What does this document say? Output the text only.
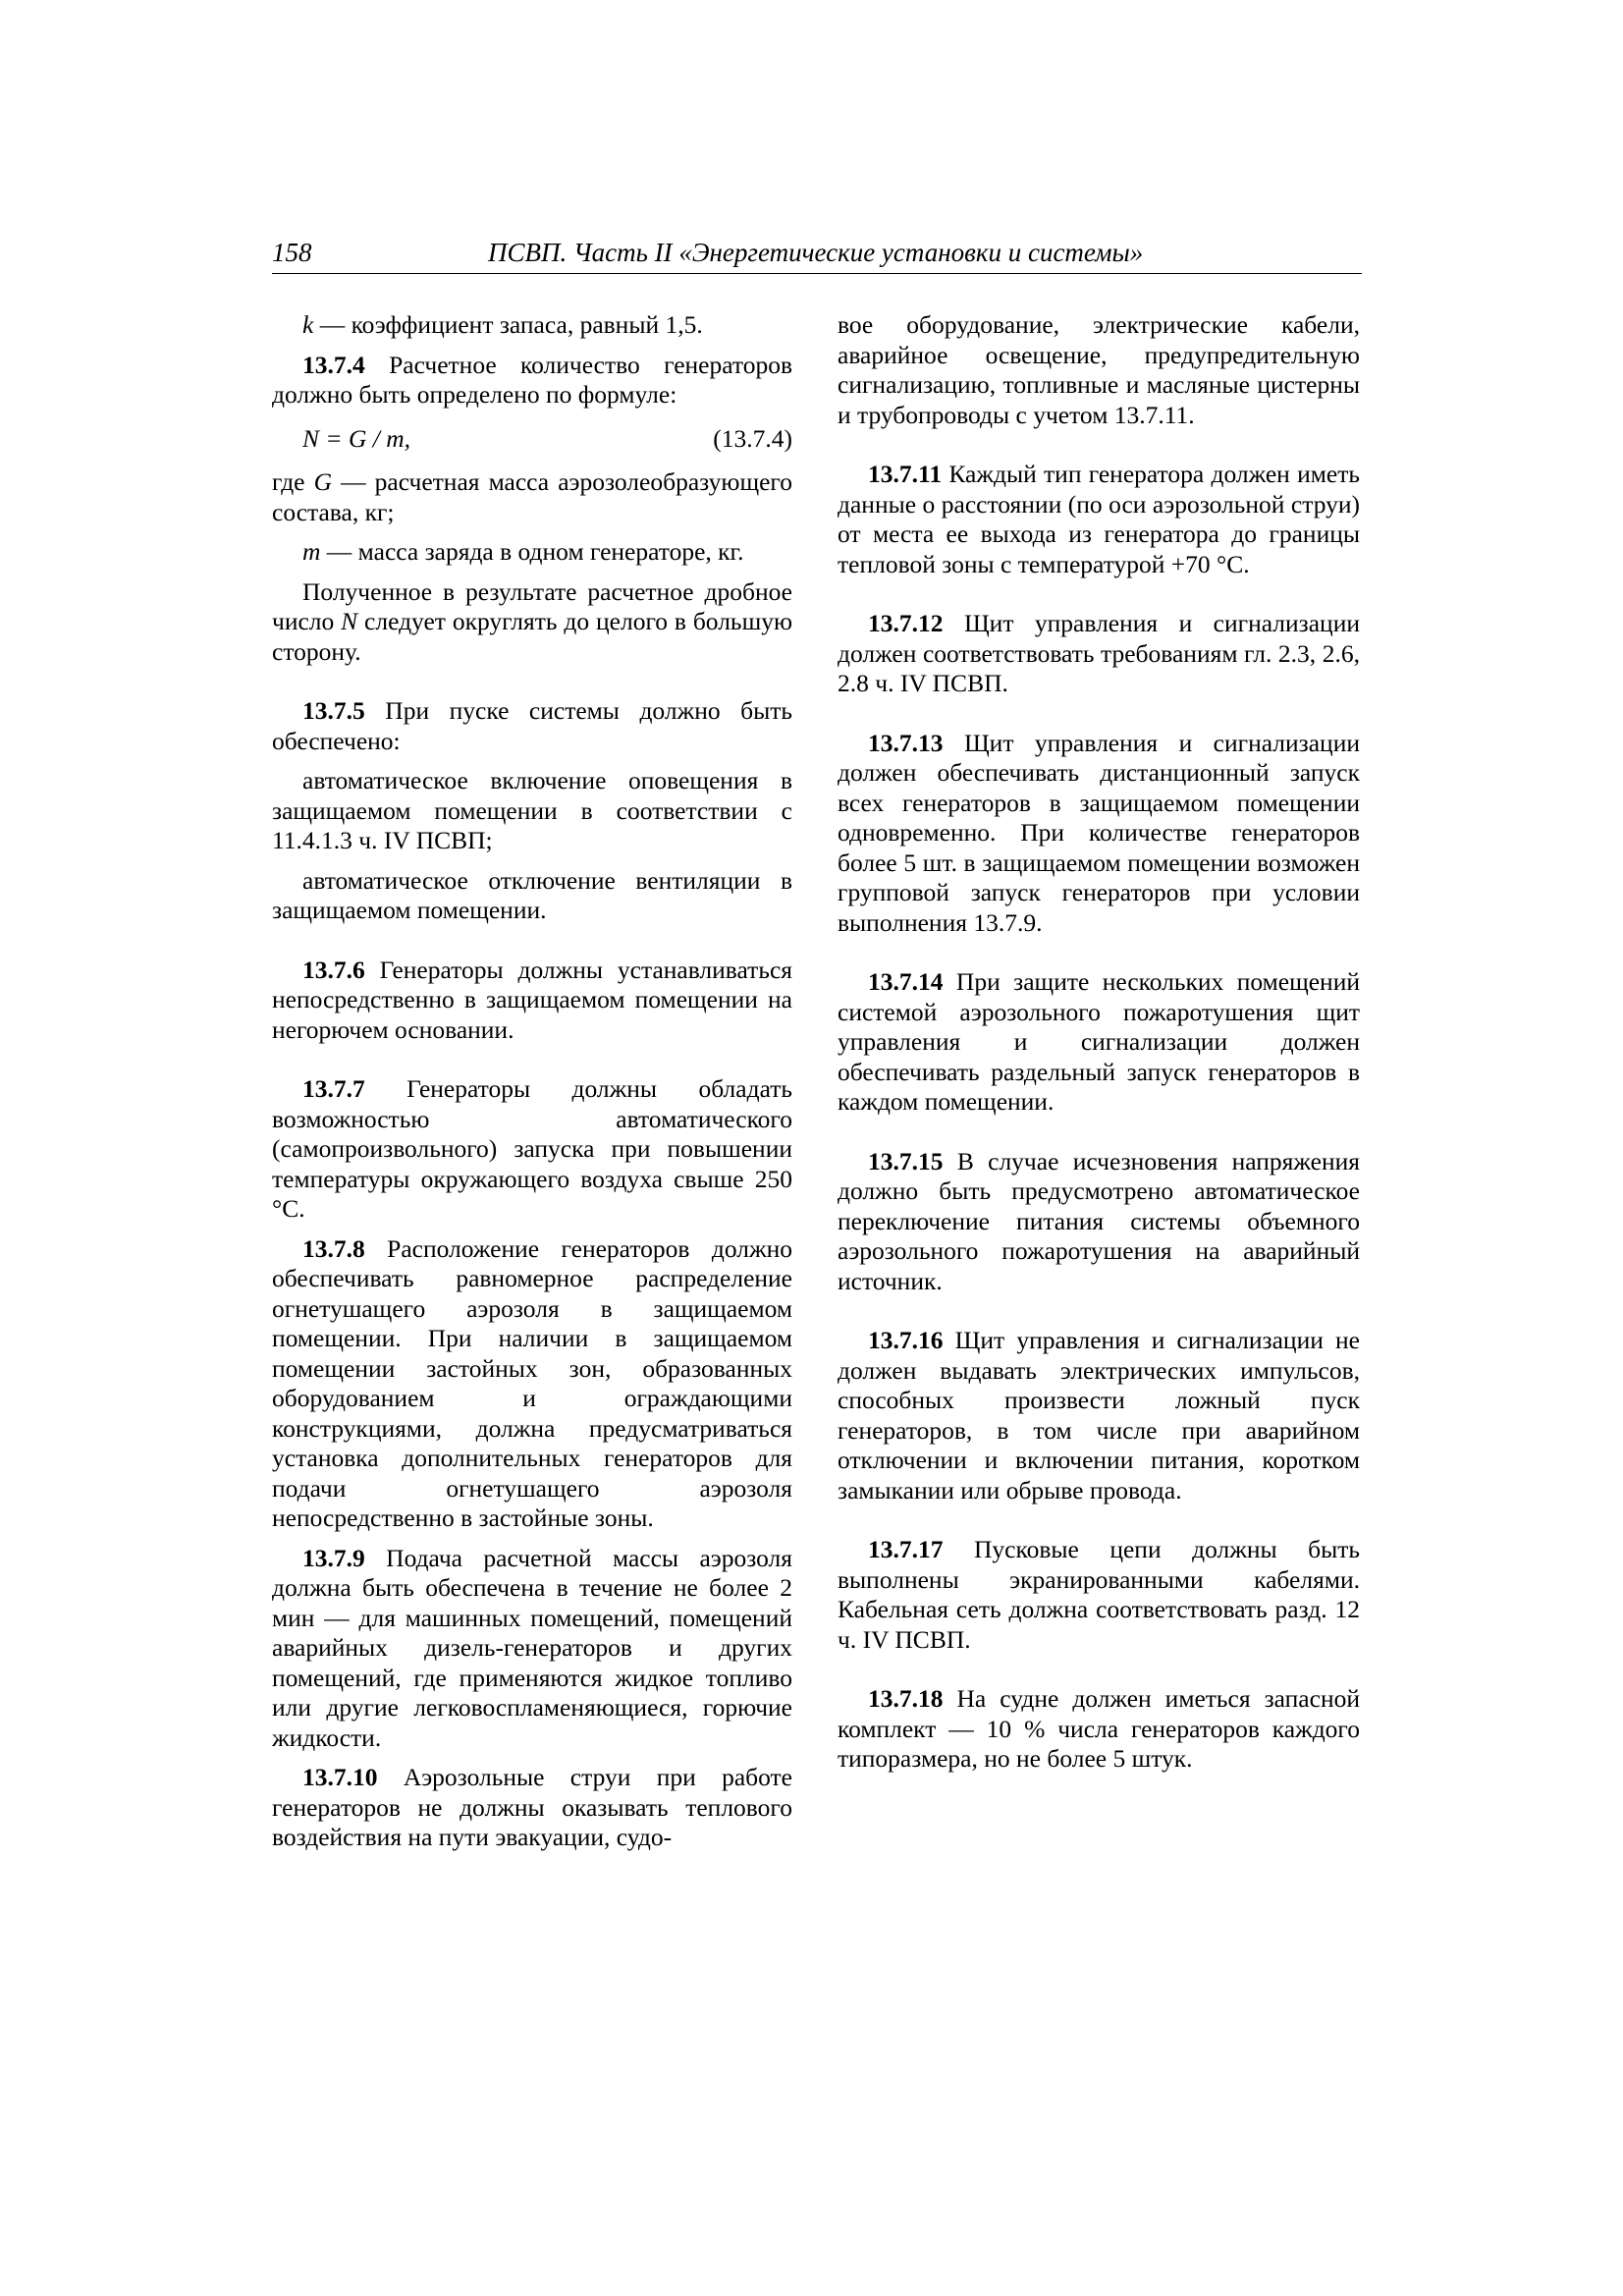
158	ПСВП. Часть II «Энергетические установки и системы»

k — коэффициент запаса, равный 1,5.

13.7.4 Расчетное количество генераторов должно быть определено по формуле:

N = G / m,	(13.7.4)

где G — расчетная масса аэрозолеобразующего состава, кг;

m — масса заряда в одном генераторе, кг.

Полученное в результате расчетное дробное число N следует округлять до целого в большую сторону.

13.7.5 При пуске системы должно быть обеспечено:

автоматическое включение оповещения в защищаемом помещении в соответствии с 11.4.1.3 ч. IV ПСВП;

автоматическое отключение вентиляции в защищаемом помещении.

13.7.6 Генераторы должны устанавливаться непосредственно в защищаемом помещении на негорючем основании.

13.7.7 Генераторы должны обладать возможностью автоматического (самопроизвольного) запуска при повышении температуры окружающего воздуха свыше 250 °С.

13.7.8 Расположение генераторов должно обеспечивать равномерное распределение огнетушащего аэрозоля в защищаемом помещении. При наличии в защищаемом помещении застойных зон, образованных оборудованием и ограждающими конструкциями, должна предусматриваться установка дополнительных генераторов для подачи огнетушащего аэрозоля непосредственно в застойные зоны.

13.7.9 Подача расчетной массы аэрозоля должна быть обеспечена в течение не более 2 мин — для машинных помещений, помещений аварийных дизель-генераторов и других помещений, где применяются жидкое топливо или другие легковоспламеняющиеся, горючие жидкости.

13.7.10 Аэрозольные струи при работе генераторов не должны оказывать теплового воздействия на пути эвакуации, судо-

вое оборудование, электрические кабели, аварийное освещение, предупредительную сигнализацию, топливные и масляные цистерны и трубопроводы с учетом 13.7.11.

13.7.11 Каждый тип генератора должен иметь данные о расстоянии (по оси аэрозольной струи) от места ее выхода из генератора до границы тепловой зоны с температурой +70 °С.

13.7.12 Щит управления и сигнализации должен соответствовать требованиям гл. 2.3, 2.6, 2.8 ч. IV ПСВП.

13.7.13 Щит управления и сигнализации должен обеспечивать дистанционный запуск всех генераторов в защищаемом помещении одновременно. При количестве генераторов более 5 шт. в защищаемом помещении возможен групповой запуск генераторов при условии выполнения 13.7.9.

13.7.14 При защите нескольких помещений системой аэрозольного пожаротушения щит управления и сигнализации должен обеспечивать раздельный запуск генераторов в каждом помещении.

13.7.15 В случае исчезновения напряжения должно быть предусмотрено автоматическое переключение питания системы объемного аэрозольного пожаротушения на аварийный источник.

13.7.16 Щит управления и сигнализации не должен выдавать электрических импульсов, способных произвести ложный пуск генераторов, в том числе при аварийном отключении и включении питания, коротком замыкании или обрыве провода.

13.7.17 Пусковые цепи должны быть выполнены экранированными кабелями. Кабельная сеть должна соответствовать разд. 12 ч. IV ПСВП.

13.7.18 На судне должен иметься запасной комплект — 10 % числа генераторов каждого типоразмера, но не более 5 штук.
